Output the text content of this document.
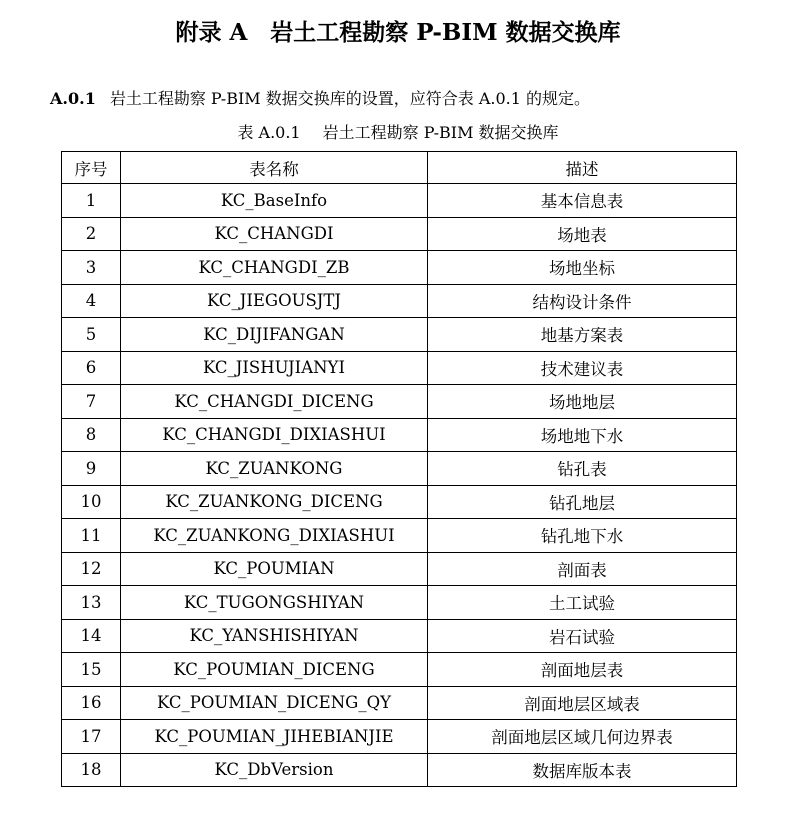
附录 A　岩土工程勘察 P-BIM 数据交换库
A.0.1 岩土工程勘察 P-BIM 数据交换库的设置，应符合表 A.0.1 的规定。
表 A.0.1 岩土工程勘察 P-BIM 数据交换库
序号	表名称	描述
1	KC_BaseInfo	基本信息表
2	KC_CHANGDI	场地表
3	KC_CHANGDI_ZB	场地坐标
4	KC_JIEGOUSJTJ	结构设计条件
5	KC_DIJIFANGAN	地基方案表
6	KC_JISHUJIANYI	技术建议表
7	KC_CHANGDI_DICENG	场地地层
8	KC_CHANGDI_DIXIASHUI	场地地下水
9	KC_ZUANKONG	钻孔表
10	KC_ZUANKONG_DICENG	钻孔地层
11	KC_ZUANKONG_DIXIASHUI	钻孔地下水
12	KC_POUMIAN	剖面表
13	KC_TUGONGSHIYAN	土工试验
14	KC_YANSHISHIYAN	岩石试验
15	KC_POUMIAN_DICENG	剖面地层表
16	KC_POUMIAN_DICENG_QY	剖面地层区域表
17	KC_POUMIAN_JIHEBIANJIE	剖面地层区域几何边界表
18	KC_DbVersion	数据库版本表
